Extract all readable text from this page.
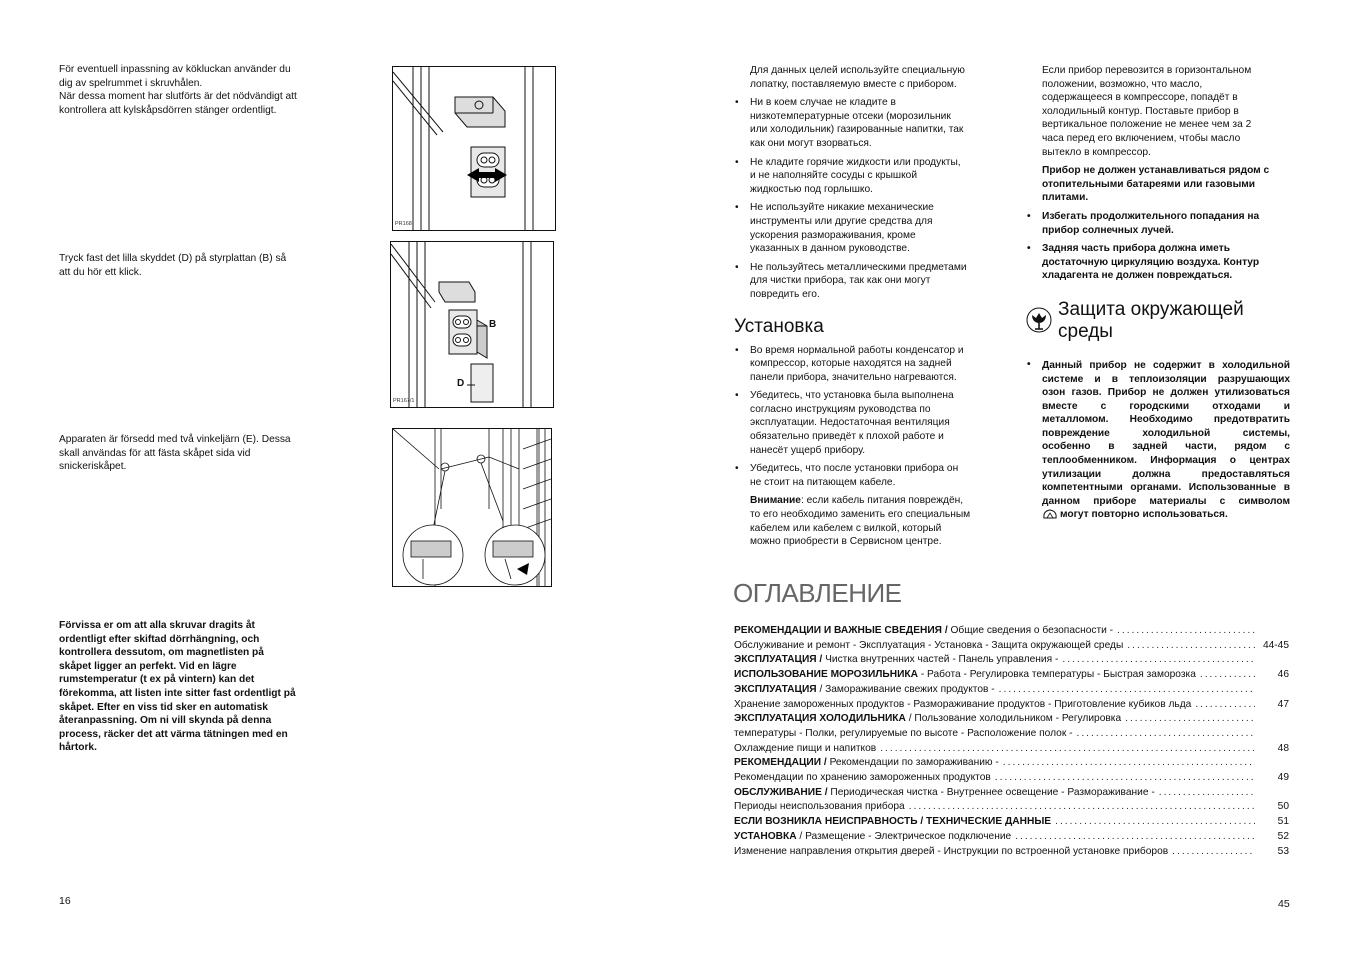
För eventuell inpassning av kökluckan använder du

dig av spelrummet i skruvhålen.

När dessa moment har slutförts är det nödvändigt att

kontrollera att kylskåpsdörren stänger ordentligt.

PR168

Tryck fast det lilla skyddet (D) på styrplattan (B) så

att du hör ett klick.

B
D
PR167/1

Apparaten är försedd med två vinkeljärn (E). Dessa

skall användas för att fästa skåpet sida vid

snickeriskåpet.

Förvissa er om att alla skruvar dragits åt

ordentligt efter skiftad dörrhängning, och

kontrollera dessutom, om magnetlisten på

skåpet ligger an perfekt. Vid en lägre

rumstemperatur (t ex på vintern) kan det

förekomma, att listen inte sitter fast ordentligt på

skåpet. Efter en viss tid sker en automatisk

återanpassning. Om ni vill skynda på denna

process, räcker det att värma tätningen med en

hårtork.

16

Для данных целей используйте специальную

лопатку, поставляемую вместе с прибором.

• Ни в коем случае не кладите в
низкотемпературные отсеки (морозильник
или холодильник) газированные напитки, так
как они могут взорваться.
• Не кладите горячие жидкости или продукты,
и не наполняйте сосуды с крышкой
жидкостью под горлышко.
• Не используйте никакие механические
инструменты или другие средства для
ускорения размораживания, кроме
указанных в данном руководстве.
• Не пользуйтесь металлическими предметами
для чистки прибора, так как они могут
повредить его.
Установка
• Во время нормальной работы конденсатор и
компрессор, которые находятся на задней
панели прибора, значительно нагреваются.
• Убедитесь, что установка была выполнена
согласно инструкциям руководства по
эксплуатации. Недостаточная вентиляция
обязательно приведёт к плохой работе и
нанесёт ущерб прибору.
• Убедитесь, что после установки прибора он
не стоит на питающем кабеле.

Внимание: если кабель питания повреждён,

то его необходимо заменить его специальным

кабелем или кабелем с вилкой, который

можно приобрести в Сервисном центре.

Если прибор перевозится в горизонтальном

положении, возможно, что масло,

содержащееся в компрессоре, попадёт в

холодильный контур. Поставьте прибор в

вертикальное положение не менее чем за 2

часа перед его включением, чтобы масло

вытекло в компрессор.

Прибор не должен устанавливаться рядом с

отопительными батареями или газовыми

плитами.

• Избегать продолжительного попадания на
прибор солнечных лучей.
• Задняя часть прибора должна иметь
достаточную циркуляцию воздуха. Контур
хладагента не должен повреждаться.
Защита окружающей
среды
• Данный прибор не содержит в холодильной

системе и в теплоизоляции разрушающих

озон газов. Прибор не должен утилизоваться

вместе с городскими отходами и

металломом. Необходимо предотвратить

повреждение холодильной системы,

особенно в задней части, рядом с

теплообменником. Информация о центрах

утилизации должна предоставляться

компетентными органами. Использованные в

данном приборе материалы с символом

могут повторно использоваться.

ОГЛАВЛЕНИЕ
РЕКОМЕНДАЦИИ И ВАЖНЫЕ СВЕДЕНИЯ / Общие сведения о безопасности -
.....
Обслуживание и ремонт - Эксплуатация - Установка - Защита окружающей среды .....	44-45
ЭКСПЛУАТАЦИЯ / Чистка внутренних частей - Панель управления -
.....
ИСПОЛЬЗОВАНИЕ МОРОЗИЛЬНИКА - Работа - Регулировка температуры - Быстрая заморозка .....	46
ЭКСПЛУАТАЦИЯ / Замораживание свежих продуктов -
.....
Хранение замороженных продуктов - Размораживание продуктов - Приготовление кубиков льда .....	47
ЭКСПЛУАТАЦИЯ ХОЛОДИЛЬНИКА / Пользование холодильником - Регулировка
.....
температуры - Полки, регулируемые по высоте - Расположение полок -
.....
Охлаждение пищи и напитков .....	48
РЕКОМЕНДАЦИИ / Рекомендации по замораживанию -
.....
Рекомендации по хранению замороженных продуктов .....	49
ОБСЛУЖИВАНИЕ / Периодическая чистка - Внутреннее освещение - Размораживание -
.....
Периоды неиспользования прибора .....	50
ЕСЛИ ВОЗНИКЛА НЕИСПРАВНОСТЬ / ТЕХНИЧЕСКИЕ ДАННЫЕ .....	51
УСТАНОВКА / Размещение - Электрическое подключение .....	52
Изменение направления открытия дверей - Инструкции по встроенной установке приборов .....	53
45
